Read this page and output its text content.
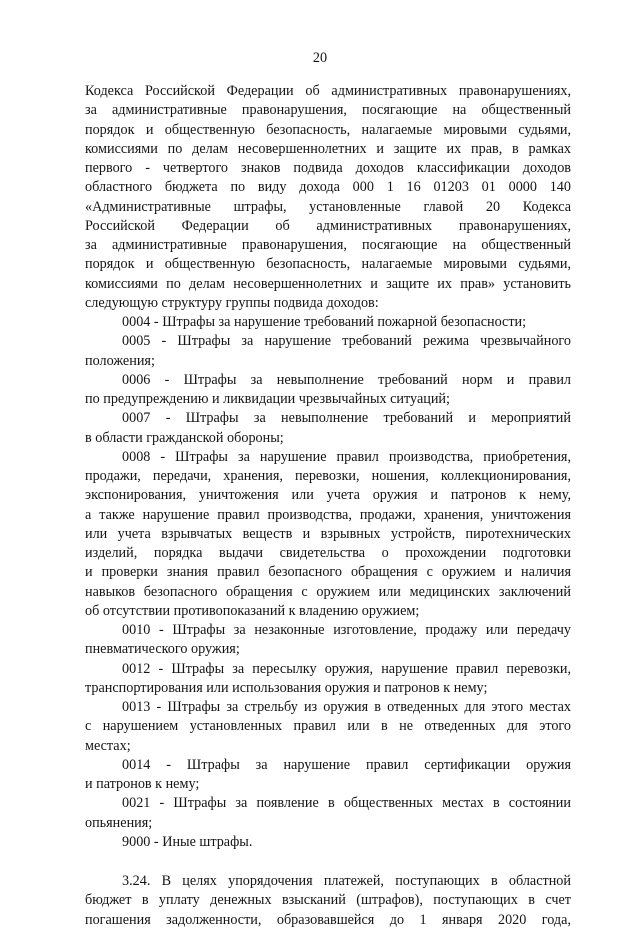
20
Кодекса Российской Федерации об административных правонарушениях,
за административные правонарушения, посягающие на общественный
порядок и общественную безопасность, налагаемые мировыми судьями,
комиссиями по делам несовершеннолетних и защите их прав, в рамках
первого - четвертого знаков подвида доходов классификации доходов
областного бюджета по виду дохода 000 1 16 01203 01 0000 140
«Административные штрафы, установленные главой 20 Кодекса
Российской Федерации об административных правонарушениях,
за административные правонарушения, посягающие на общественный
порядок и общественную безопасность, налагаемые мировыми судьями,
комиссиями по делам несовершеннолетних и защите их прав» установить
следующую структуру группы подвида доходов:
0004 - Штрафы за нарушение требований пожарной безопасности;
0005 - Штрафы за нарушение требований режима чрезвычайного
положения;
0006 - Штрафы за невыполнение требований норм и правил
по предупреждению и ликвидации чрезвычайных ситуаций;
0007 - Штрафы за невыполнение требований и мероприятий
в области гражданской обороны;
0008 - Штрафы за нарушение правил производства, приобретения,
продажи, передачи, хранения, перевозки, ношения, коллекционирования,
экспонирования, уничтожения или учета оружия и патронов к нему,
а также нарушение правил производства, продажи, хранения, уничтожения
или учета взрывчатых веществ и взрывных устройств, пиротехнических
изделий, порядка выдачи свидетельства о прохождении подготовки
и проверки знания правил безопасного обращения с оружием и наличия
навыков безопасного обращения с оружием или медицинских заключений
об отсутствии противопоказаний к владению оружием;
0010 - Штрафы за незаконные изготовление, продажу или передачу
пневматического оружия;
0012 - Штрафы за пересылку оружия, нарушение правил перевозки,
транспортирования или использования оружия и патронов к нему;
0013 - Штрафы за стрельбу из оружия в отведенных для этого местах
с нарушением установленных правил или в не отведенных для этого
местах;
0014 - Штрафы за нарушение правил сертификации оружия
и патронов к нему;
0021 - Штрафы за появление в общественных местах в состоянии
опьянения;
9000 - Иные штрафы.
3.24. В целях упорядочения платежей, поступающих в областной
бюджет в уплату денежных взысканий (штрафов), поступающих в счет
погашения задолженности, образовавшейся до 1 января 2020 года,
